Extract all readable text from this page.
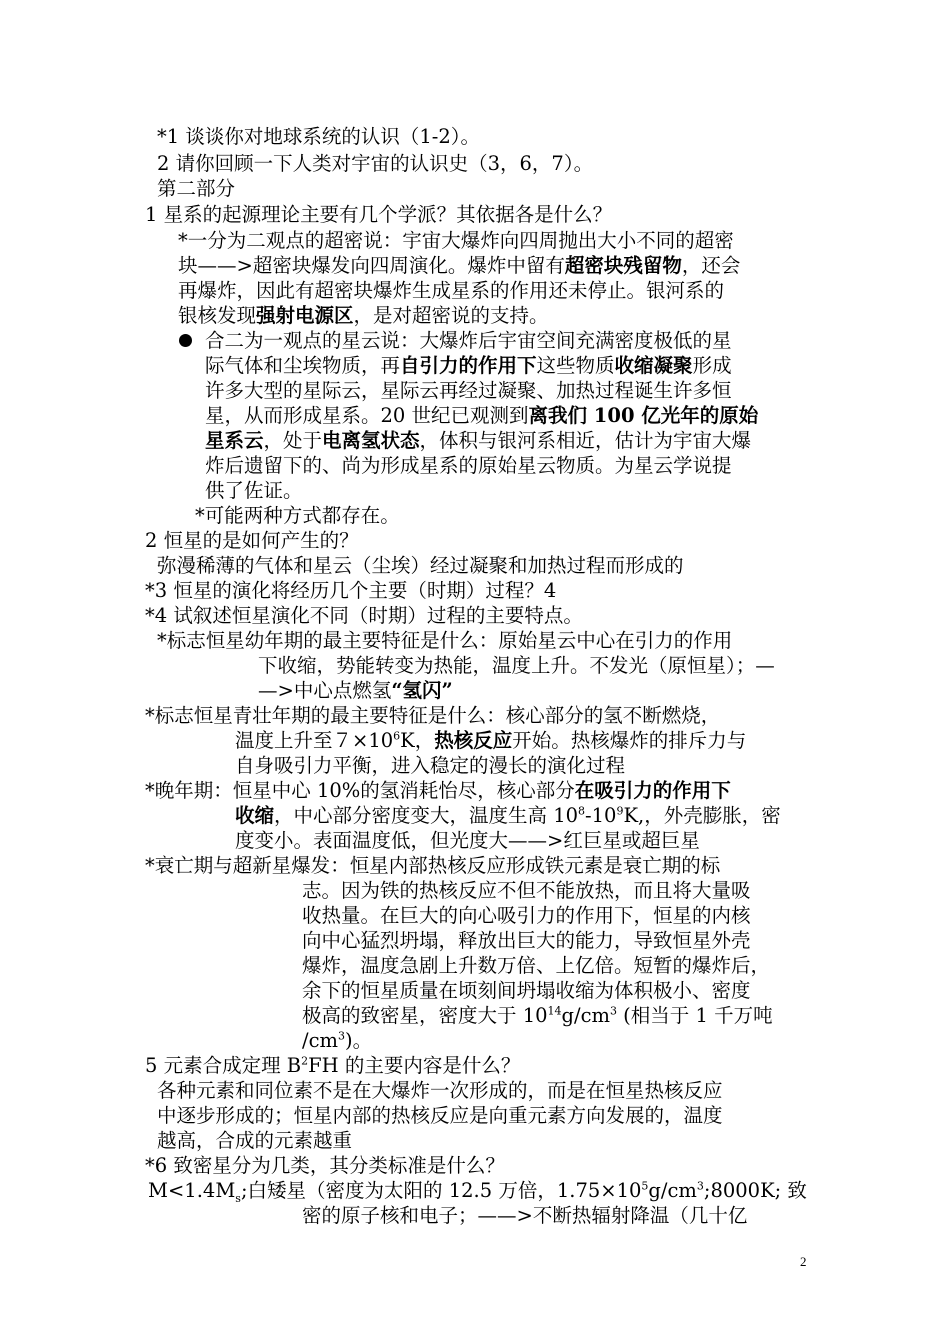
*1 谈谈你对地球系统的认识（1-2）。
2 请你回顾一下人类对宇宙的认识史（3，6，7）。
第二部分
1 星系的起源理论主要有几个学派？其依据各是什么？
*一分为二观点的超密说：宇宙大爆炸向四周抛出大小不同的超密
块——>超密块爆发向四周演化。爆炸中留有超密块残留物，还会
再爆炸，因此有超密块爆炸生成星系的作用还未停止。银河系的
银核发现强射电源区，是对超密说的支持。
合二为一观点的星云说：大爆炸后宇宙空间充满密度极低的星
际气体和尘埃物质，再自引力的作用下这些物质收缩凝聚形成
许多大型的星际云，星际云再经过凝聚、加热过程诞生许多恒
星，从而形成星系。20 世纪已观测到离我们 100 亿光年的原始
星系云，处于电离氢状态，体积与银河系相近，估计为宇宙大爆
炸后遗留下的、尚为形成星系的原始星云物质。为星云学说提
供了佐证。
*可能两种方式都存在。
2 恒星的是如何产生的？
弥漫稀薄的气体和星云（尘埃）经过凝聚和加热过程而形成的
*3 恒星的演化将经历几个主要（时期）过程？4
*4 试叙述恒星演化不同（时期）过程的主要特点。
*标志恒星幼年期的最主要特征是什么：原始星云中心在引力的作用
下收缩，势能转变为热能，温度上升。不发光（原恒星）；—
—>中心点燃氢“氢闪”
*标志恒星青壮年期的最主要特征是什么：核心部分的氢不断燃烧，
温度上升至$7\times 10^6K$，热核反应开始。热核爆炸的排斥力与
自身吸引力平衡，进入稳定的漫长的演化过程
*晚年期：恒星中心 10%的氢消耗怡尽，核心部分在吸引力的作用下
收缩，中心部分密度变大，温度生高 $10^8-10^9K$,，外壳膨胀，密
度变小。表面温度低，但光度大——>红巨星或超巨星
*衰亡期与超新星爆发：恒星内部热核反应形成铁元素是衰亡期的标
志。因为铁的热核反应不但不能放热，而且将大量吸
收热量。在巨大的向心吸引力的作用下，恒星的内核
向中心猛烈坍塌，释放出巨大的能力，导致恒星外壳
爆炸，温度急剧上升数万倍、上亿倍。短暂的爆炸后，
余下的恒星质量在顷刻间坍塌收缩为体积极小、密度
极高的致密星，密度大于 $10^{14}g/cm^3$ (相当于 1 千万吨
$/cm^3$)。
5 元素合成定理 $B^2FH$ 的主要内容是什么？
各种元素和同位素不是在大爆炸一次形成的，而是在恒星热核反应
中逐步形成的；恒星内部的热核反应是向重元素方向发展的，温度
越高，合成的元素越重
*6 致密星分为几类，其分类标准是什么？
$M<1.4M_s$;白矮星（密度为太阳的 12.5 万倍，$1.75\times 10^5g/cm^3;8000K$; 致
密的原子核和电子；——>不断热辐射降温（几十亿
2
